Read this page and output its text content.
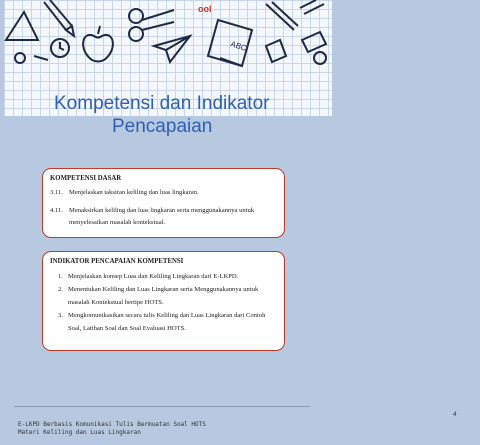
ool
ABC
Kompetensi dan Indikator
Pencapaian
KOMPETENSI DASAR
3.11. Menjelaskan taksiran keliling dan luas lingkaran.
4.11. Menaksirkan keliling dan luas lingkaran serta menggunakannya untuk menyelesaikan masalah kontekstual.
INDIKATOR PENCAPAIAN KOMPETENSI
1. Menjelaskan konsep Luas dan Keliling Lingkaran dari E-LKPD.
2. Menentukan Keliling dan Luas Lingkaran serta Menggunakannya untuk masalah Kontekstual bertipe HOTS.
3. Mengkomunikasikan secara tulis Keliling dan Luas Lingkaran dari Contoh Soal, Latihan Soal dan Soal Evaluasi HOTS.
4
E-LKPD Berbasis Komunikasi Tulis Bermuatan Soal HOTS
Materi Keliling dan Luas Lingkaran
